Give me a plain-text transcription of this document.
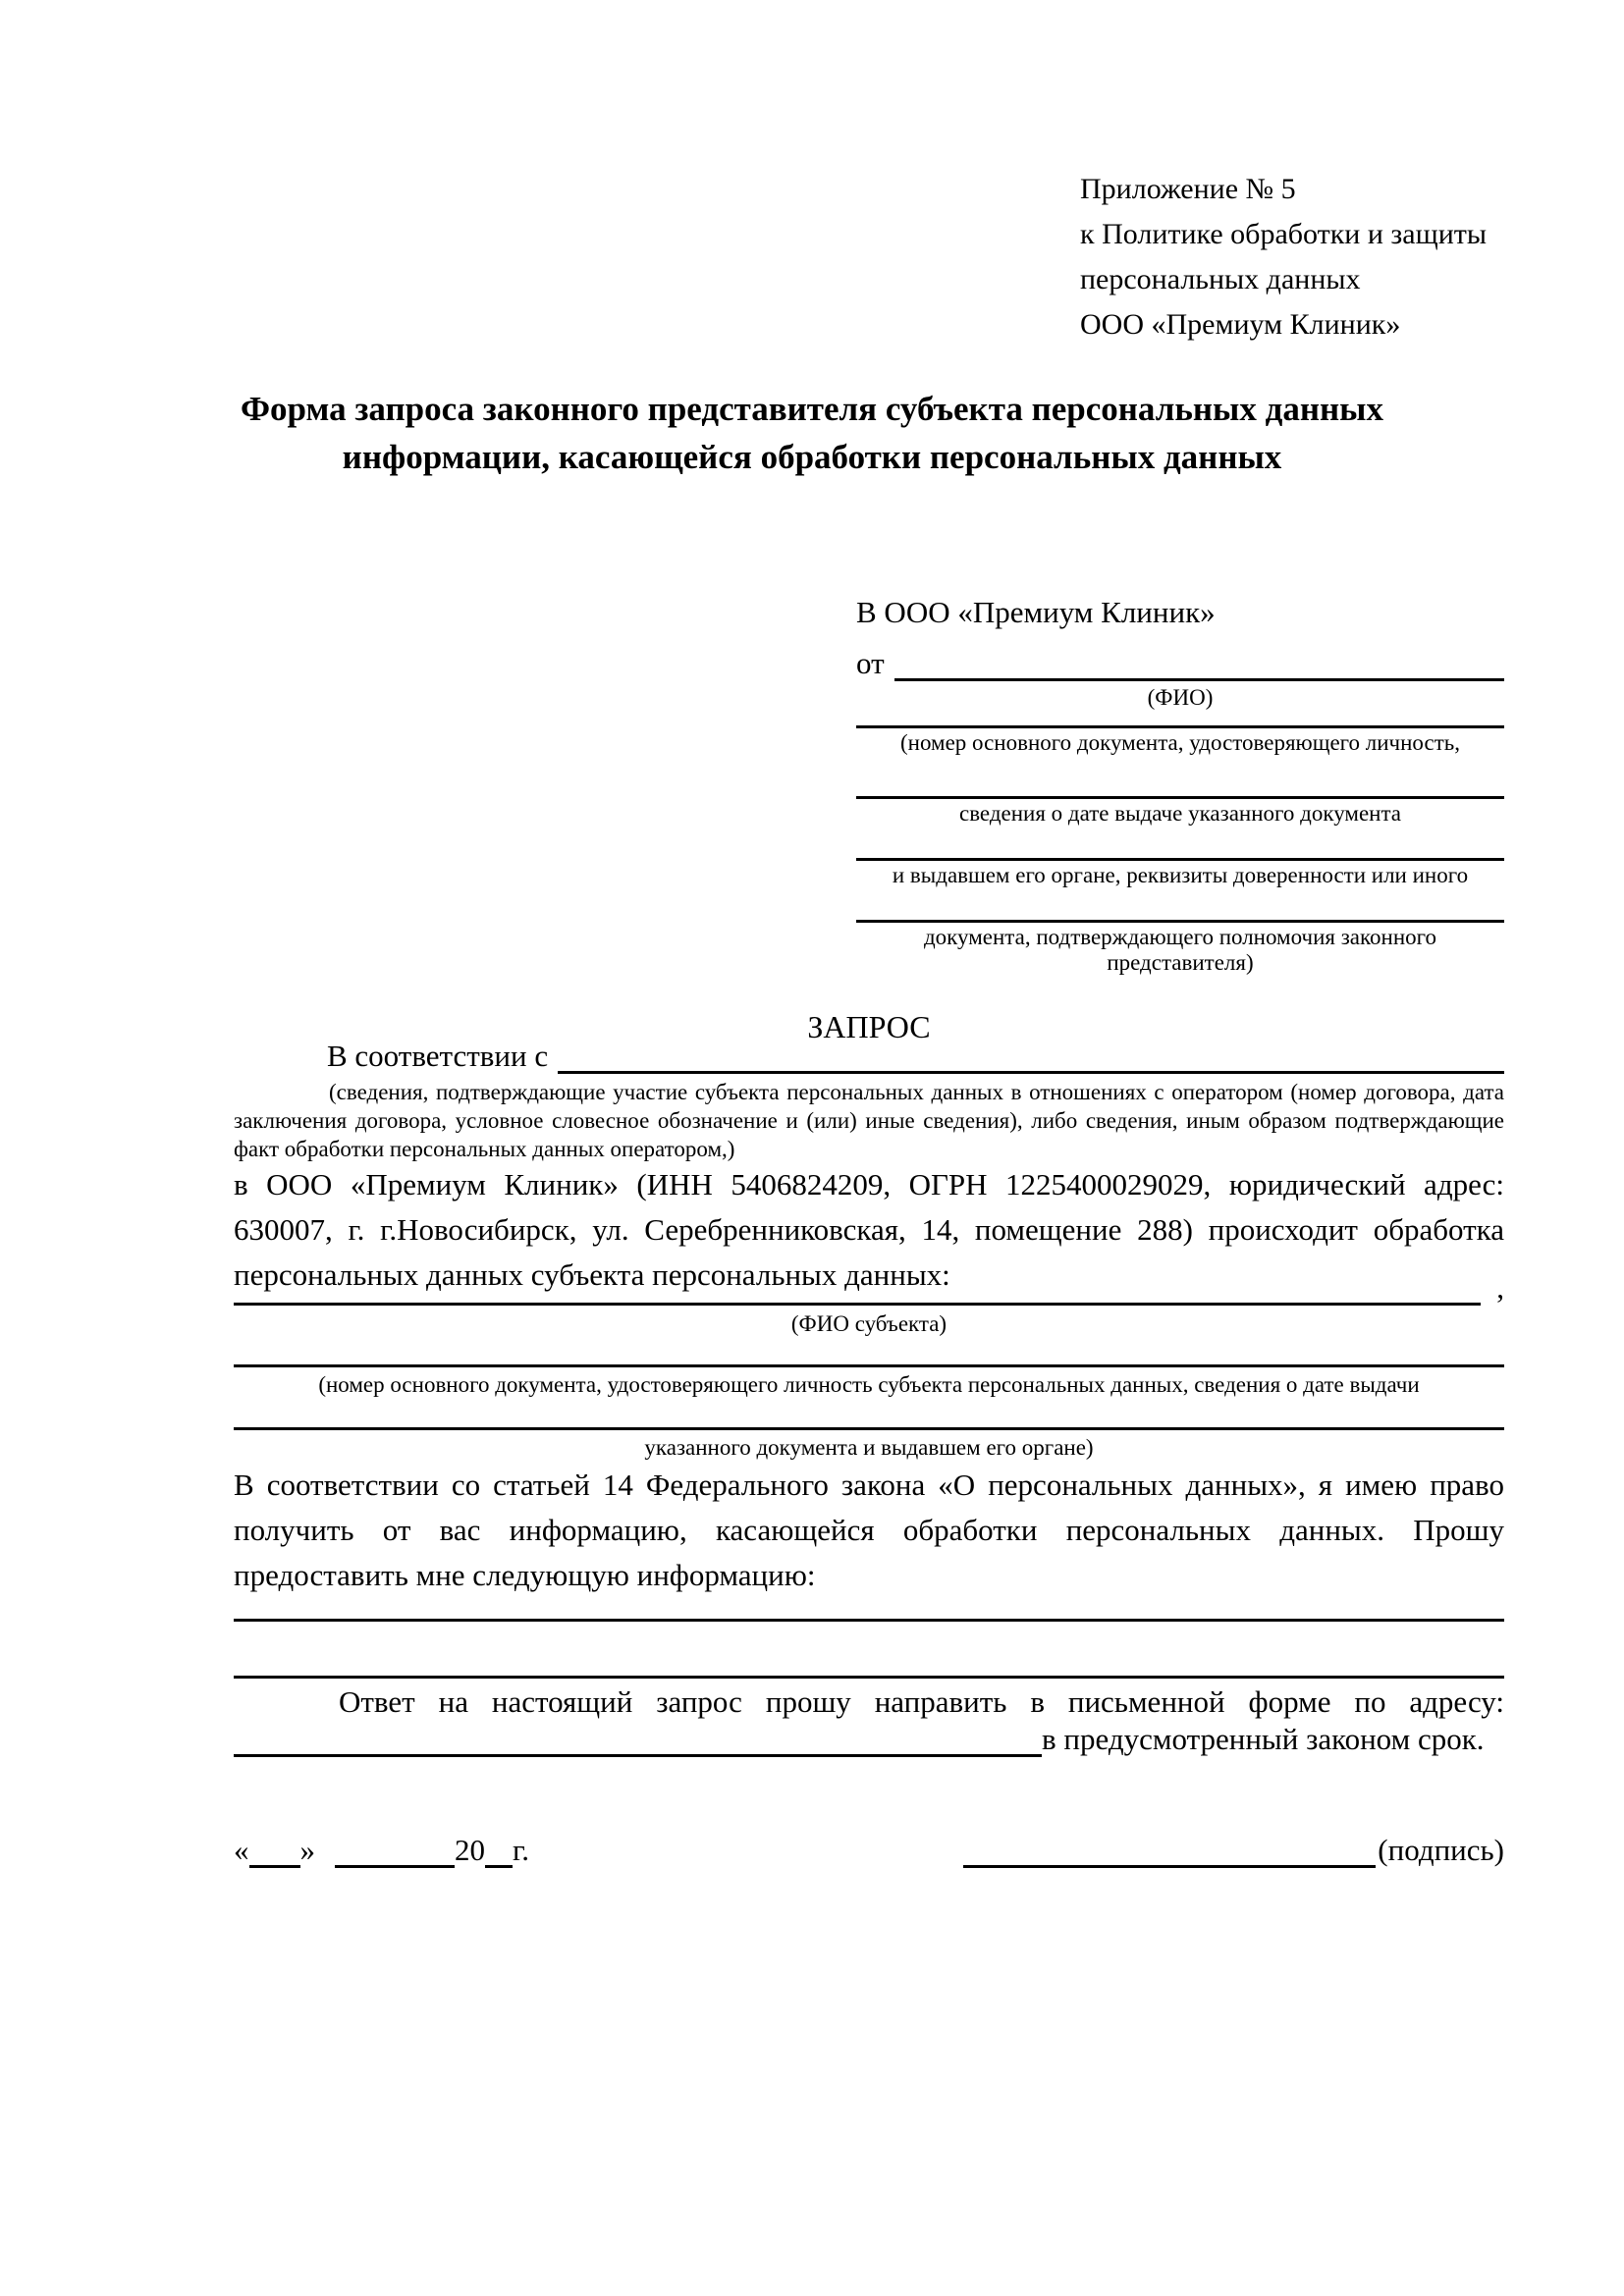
Приложение № 5
к Политике обработки и защиты
персональных данных
ООО «Премиум Клиник»
Форма запроса законного представителя субъекта персональных данных информации, касающейся обработки персональных данных
В ООО «Премиум Клиник»
от
(ФИО)
(номер основного документа, удостоверяющего личность,
сведения о дате выдаче указанного документа
и выдавшем его органе, реквизиты доверенности или иного
документа, подтверждающего полномочия законного представителя)
ЗАПРОС
В соответствии с
(сведения, подтверждающие участие субъекта персональных данных в отношениях с оператором (номер договора, дата заключения договора, условное словесное обозначение и (или) иные сведения), либо сведения, иным образом подтверждающие факт обработки персональных данных оператором,)
в ООО «Премиум Клиник» (ИНН 5406824209, ОГРН 1225400029029, юридический адрес: 630007, г. г.Новосибирск, ул. Серебренниковская, 14, помещение 288) происходит обработка персональных данных субъекта персональных данных:	,
(ФИО субъекта)
(номер основного документа, удостоверяющего личность субъекта персональных данных, сведения о дате выдачи
указанного документа и выдавшем его органе)
В соответствии со статьей 14 Федерального закона «О персональных данных», я имею право получить от вас информацию, касающейся обработки персональных данных. Прошу предоставить мне следующую информацию:
Ответ на настоящий запрос прошу направить в письменной форме по адресу:
в предусмотренный законом срок.
« »	20 г.	(подпись)
